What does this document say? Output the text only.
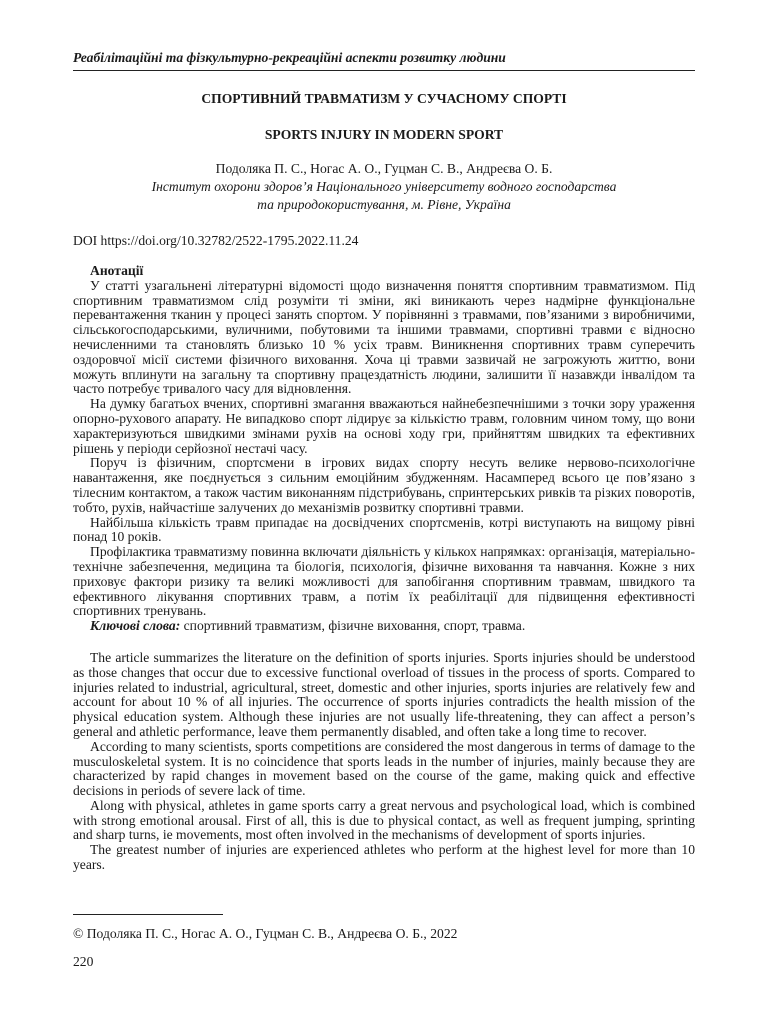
Реабілітаційні та фізкультурно-рекреаційні аспекти розвитку людини
СПОРТИВНИЙ ТРАВМАТИЗМ У СУЧАСНОМУ СПОРТІ
SPORTS INJURY IN MODERN SPORT
Подоляка П. С., Ногас А. О., Гуцман С. В., Андреєва О. Б.
Інститут охорони здоров’я Національного університету водного господарства
та природокористування, м. Рівне, Україна
DOI https://doi.org/10.32782/2522-1795.2022.11.24
Анотації

У статті узагальнені літературні відомості щодо визначення поняття спортивним травматизмом. Під спортивним травматизмом слід розуміти ті зміни, які виникають через надмірне функціональне перевантаження тканин у процесі занять спортом. У порівнянні з травмами, пов’язаними з виробничими, сільськогосподарськими, вуличними, побутовими та іншими травмами, спортивні травми є відносно нечисленними та становлять близько 10 % усіх травм. Виникнення спортивних травм суперечить оздоровчої місії системи фізичного виховання. Хоча ці травми зазвичай не загрожують життю, вони можуть вплинути на загальну та спортивну працездатність людини, залишити її назавжди інвалідом та часто потребує тривалого часу для відновлення.

На думку багатьох вчених, спортивні змагання вважаються найнебезпечнішими з точки зору ураження опорно-рухового апарату. Не випадково спорт лідирує за кількістю травм, головним чином тому, що вони характеризуються швидкими змінами рухів на основі ходу гри, прийняттям швидких та ефективних рішень у періоди серйозної нестачі часу.

Поруч із фізичним, спортсмени в ігрових видах спорту несуть велике нервово-психологічне навантаження, яке поєднується з сильним емоційним збудженням. Насамперед всього це пов’язано з тілесним контактом, а також частим виконанням підстрибувань, спринтерських ривків та різких поворотів, тобто, рухів, найчастіше залучених до механізмів розвитку спортивні травми.

Найбільша кількість травм припадає на досвідчених спортсменів, котрі виступають на вищому рівні понад 10 років.

Профілактика травматизму повинна включати діяльність у кількох напрямках: організація, матеріально-технічне забезпечення, медицина та біологія, психологія, фізичне виховання та навчання. Кожне з них приховує фактори ризику та великі можливості для запобігання спортивним травмам, швидкого та ефективного лікування спортивних травм, а потім їх реабілітації для підвищення ефективності спортивних тренувань.

Ключові слова: спортивний травматизм, фізичне виховання, спорт, травма.

The article summarizes the literature on the definition of sports injuries. Sports injuries should be understood as those changes that occur due to excessive functional overload of tissues in the process of sports. Compared to injuries related to industrial, agricultural, street, domestic and other injuries, sports injuries are relatively few and account for about 10 % of all injuries. The occurrence of sports injuries contradicts the health mission of the physical education system. Although these injuries are not usually life-threatening, they can affect a person’s general and athletic performance, leave them permanently disabled, and often take a long time to recover.

According to many scientists, sports competitions are considered the most dangerous in terms of damage to the musculoskeletal system. It is no coincidence that sports leads in the number of injuries, mainly because they are characterized by rapid changes in movement based on the course of the game, making quick and effective decisions in periods of severe lack of time.

Along with physical, athletes in game sports carry a great nervous and psychological load, which is combined with strong emotional arousal. First of all, this is due to physical contact, as well as frequent jumping, sprinting and sharp turns, ie movements, most often involved in the mechanisms of development of sports injuries.

The greatest number of injuries are experienced athletes who perform at the highest level for more than 10 years.

© Подоляка П. С., Ногас А. О., Гуцман С. В., Андреєва О. Б., 2022
220
